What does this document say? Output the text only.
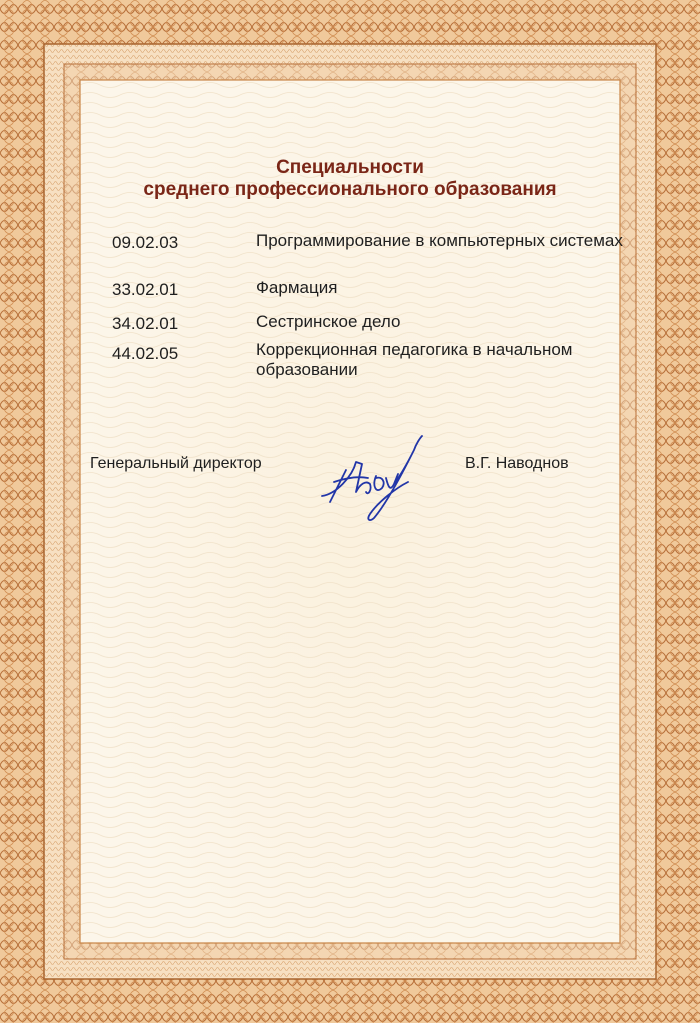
Специальности
среднего профессионального образования
09.02.03	Программирование в компьютерных системах
33.02.01	Фармация
34.02.01	Сестринское дело
44.02.05	Коррекционная педагогика в начальном образовании
Генеральный директор	В.Г. Наводнов
